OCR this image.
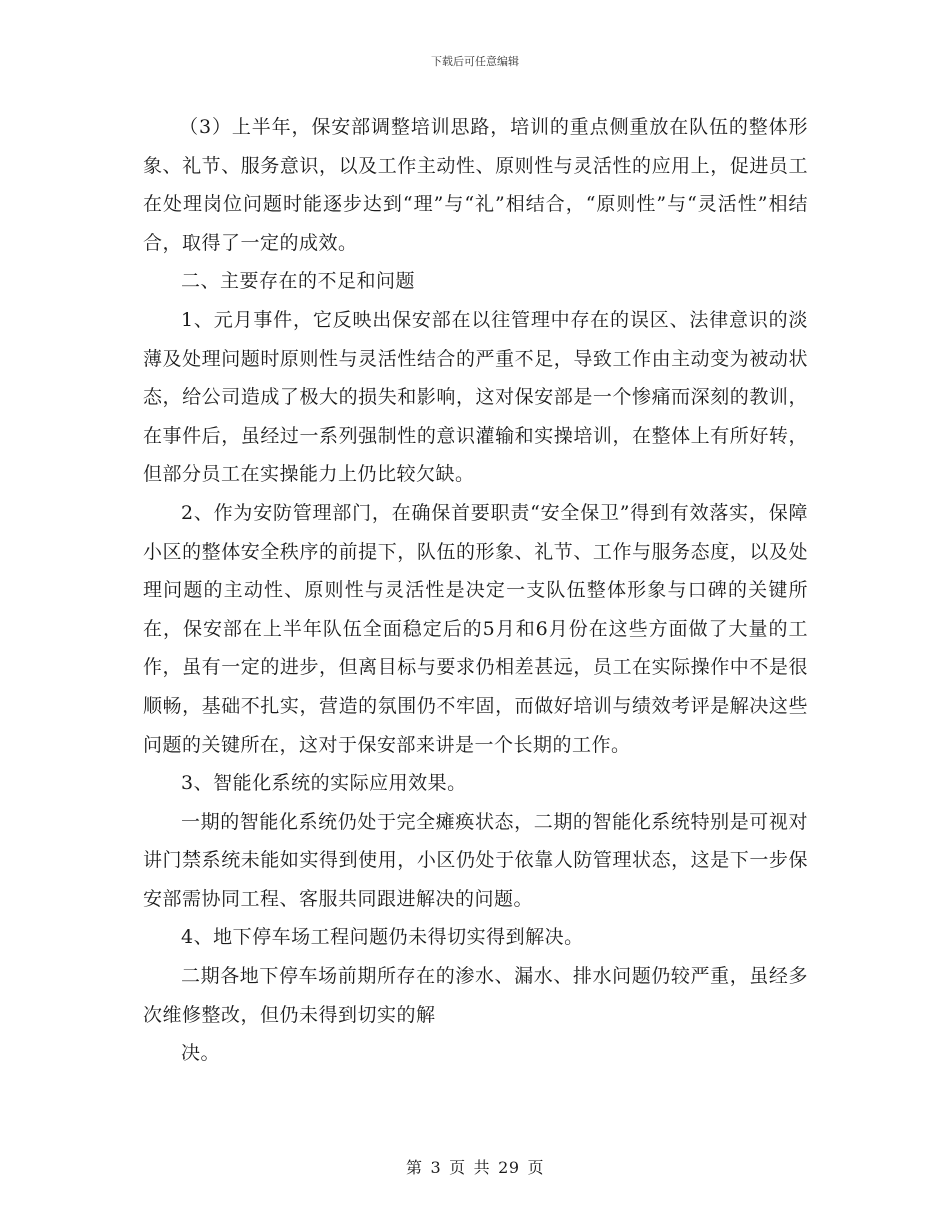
下载后可任意编辑

（3）上半年，保安部调整培训思路，培训的重点侧重放在队伍的整体形象、礼节、服务意识，以及工作主动性、原则性与灵活性的应用上，促进员工在处理岗位问题时能逐步达到“理”与“礼”相结合，“原则性”与“灵活性”相结合，取得了一定的成效。

二、主要存在的不足和问题

1、元月事件，它反映出保安部在以往管理中存在的误区、法律意识的淡薄及处理问题时原则性与灵活性结合的严重不足，导致工作由主动变为被动状态，给公司造成了极大的损失和影响，这对保安部是一个惨痛而深刻的教训，在事件后，虽经过一系列强制性的意识灌输和实操培训，在整体上有所好转，但部分员工在实操能力上仍比较欠缺。

2、作为安防管理部门，在确保首要职责“安全保卫”得到有效落实，保障小区的整体安全秩序的前提下，队伍的形象、礼节、工作与服务态度，以及处理问题的主动性、原则性与灵活性是决定一支队伍整体形象与口碑的关键所在，保安部在上半年队伍全面稳定后的5月和6月份在这些方面做了大量的工作，虽有一定的进步，但离目标与要求仍相差甚远，员工在实际操作中不是很顺畅，基础不扎实，营造的氛围仍不牢固，而做好培训与绩效考评是解决这些问题的关键所在，这对于保安部来讲是一个长期的工作。

3、智能化系统的实际应用效果。

一期的智能化系统仍处于完全瘫痪状态，二期的智能化系统特别是可视对讲门禁系统未能如实得到使用，小区仍处于依靠人防管理状态，这是下一步保安部需协同工程、客服共同跟进解决的问题。

4、地下停车场工程问题仍未得切实得到解决。

二期各地下停车场前期所存在的渗水、漏水、排水问题仍较严重，虽经多次维修整改，但仍未得到切实的解

决。

第 3 页 共 29 页
